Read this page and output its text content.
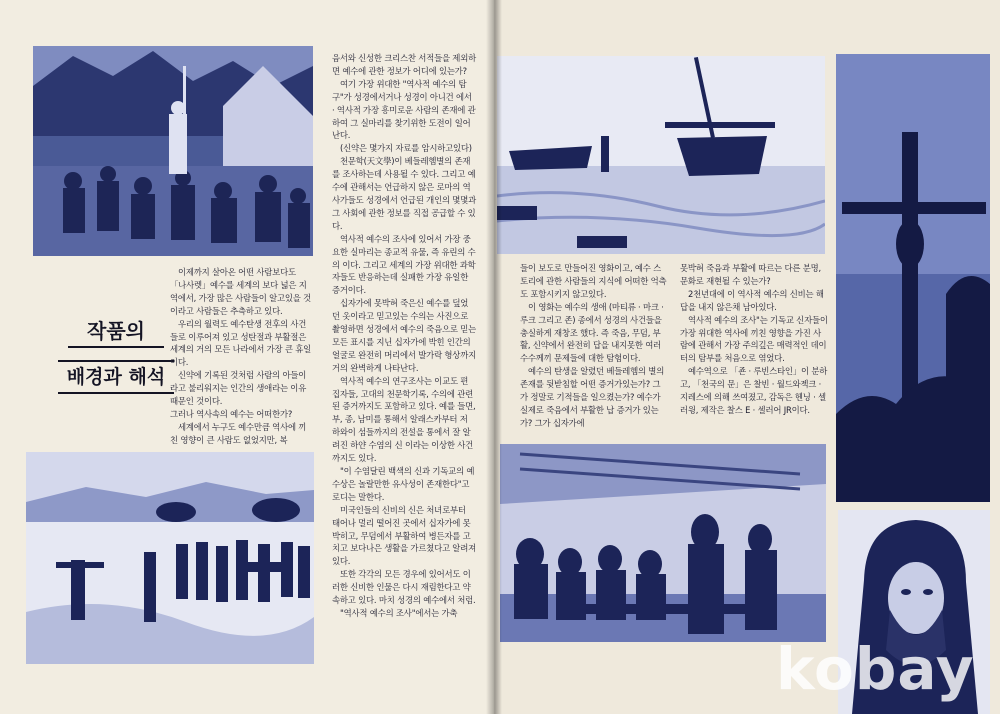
작품의
배경과 해석

이제까지 살아온 어떤 사람보다도 「나사렛」예수를 세계의 보다 넓은 지역에서, 가장 많은 사람들이 알고있을 것이라고 사람들은 추측하고 있다.

우리의 월력도 예수탄생 전후의 사건들로 이루어져 있고 성탄절과 부활절은 세계의 거의 모든 나라에서 가장 큰 휴일이다.

신약에 기록된 것처럼 사람의 아들이라고 불리워지는 인간의 생애라는 이유때문인 것이다.

그러나 역사속의 예수는 어떠한가?

세계에서 누구도 예수만큼 역사에 끼친 영향이 큰 사람도 없었지만, 복

음서와 신성한 크리스찬 서적들을 제외하면 예수에 관한 정보가 어디에 있는가?

여기 가장 위대한 "역사적 예수의 탐구"가 성경에서거나 성경이 아니건 에서 · 역사적 가장 흥미로운 사람의 존재에 관하여 그 실마리를 찾기위한 도전이 일어난다.

(신약은 몇가지 자료를 암시하고있다)

천문학(天文學)이 베들레헴별의 존재를 조사하는데 사용될 수 있다. 그리고 예수에 관해서는 언급하지 않은 로마의 역사가들도 성경에서 언급된 개인의 몇몇과 그 사회에 관한 정보를 직접 공급할 수 있다.

역사적 예수의 조사에 있어서 가장 중요한 실마리는 종교적 유물, 즉 유린의 수의 이다. 그리고 세계의 가장 위대한 과학자들도 반응하는데 실패한 가장 유일한 증거이다.

십자가에 못박혀 죽은신 예수를 덮었던 옷이라고 믿고있는 수의는 사진으로 촬영하면 성경에서 예수의 죽음으로 믿는 모든 표시를 지닌 십자가에 박힌 인간의 얼굴로 완전히 머리에서 발가락 형상까지 거의 완벽하게 나타난다.

역사적 예수의 연구조사는 이교도 편집자들, 고대의 천문학기록, 수의에 관련된 증거까지도 포함하고 있다. 예를 들면, 부, 종, 남미를 통해서 알래스카부터 저 하와이 섬들까지의 전설을 통에서 잘 알려진 하얀 수염의 신 이라는 이상한 사건까지도 있다.

"이 수염달린 백색의 신과 기독교의 예수상은 놀랄만한 유사성이 존재한다"고 로디는 말한다.

미국인들의 신비의 신은 처녀로부터 태어나 멀리 떨어진 곳에서 십자가에 못박히고, 무덤에서 부활하여 병든자를 고치고 보다나은 생활을 가르쳤다고 알려져 있다.

또한 각각의 모든 경우에 있어서도 이러한 신비한 인물은 다시 재림한다고 약속하고 있다. 마치 성경의 예수에서 처럼.

"역사적 예수의 조사"에서는 가축

들이 보도로 만들어진 영화이고, 예수 스토리에 관한 사람들의 지식에 어떠한 억측도 포함시키지 않고있다.

이 영화는 예수의 생애 (마티류 · 마크 · 루크 그리고 존) 종에서 성경의 사건들을 충실하게 재창조 했다. 즉 죽음, 무덤, 부활, 신약에서 완전히 답을 내지못한 여러 수수께끼 문제들에 대한 탐험이다.

예수의 탄생을 알렸던 베들레헴의 별의 존재를 뒷받침할 어떤 증거가있는가? 그가 정말로 기적들을 일으켰는가? 예수가 실제로 죽음에서 부활한 납 증거가 있는가? 그가 십자가에

못박혀 죽음과 부활에 따르는 다른 분명, 문화로 재현될 수 있는가?

2천년대에 이 역사적 예수의 신비는 해답을 내지 않은채 남아있다.

역사적 예수의 조사"는 기독교 신자들이 가장 위대한 역사에 끼친 영향을 가진 사람에 관해서 가장 주의깊은 매력적인 데이터의 탐부를 처음으로 엮었다.

예수역으로 「죤 · 루빈스타인」이 분하고, 「천국의 문」은 찰빈 · 월드와젝크 · 지레스에 의해 쓰여졌고, 감독은 헨닝 · 셀러윙, 제작은 찰스 E · 셀러어 JR이다.

kobay
